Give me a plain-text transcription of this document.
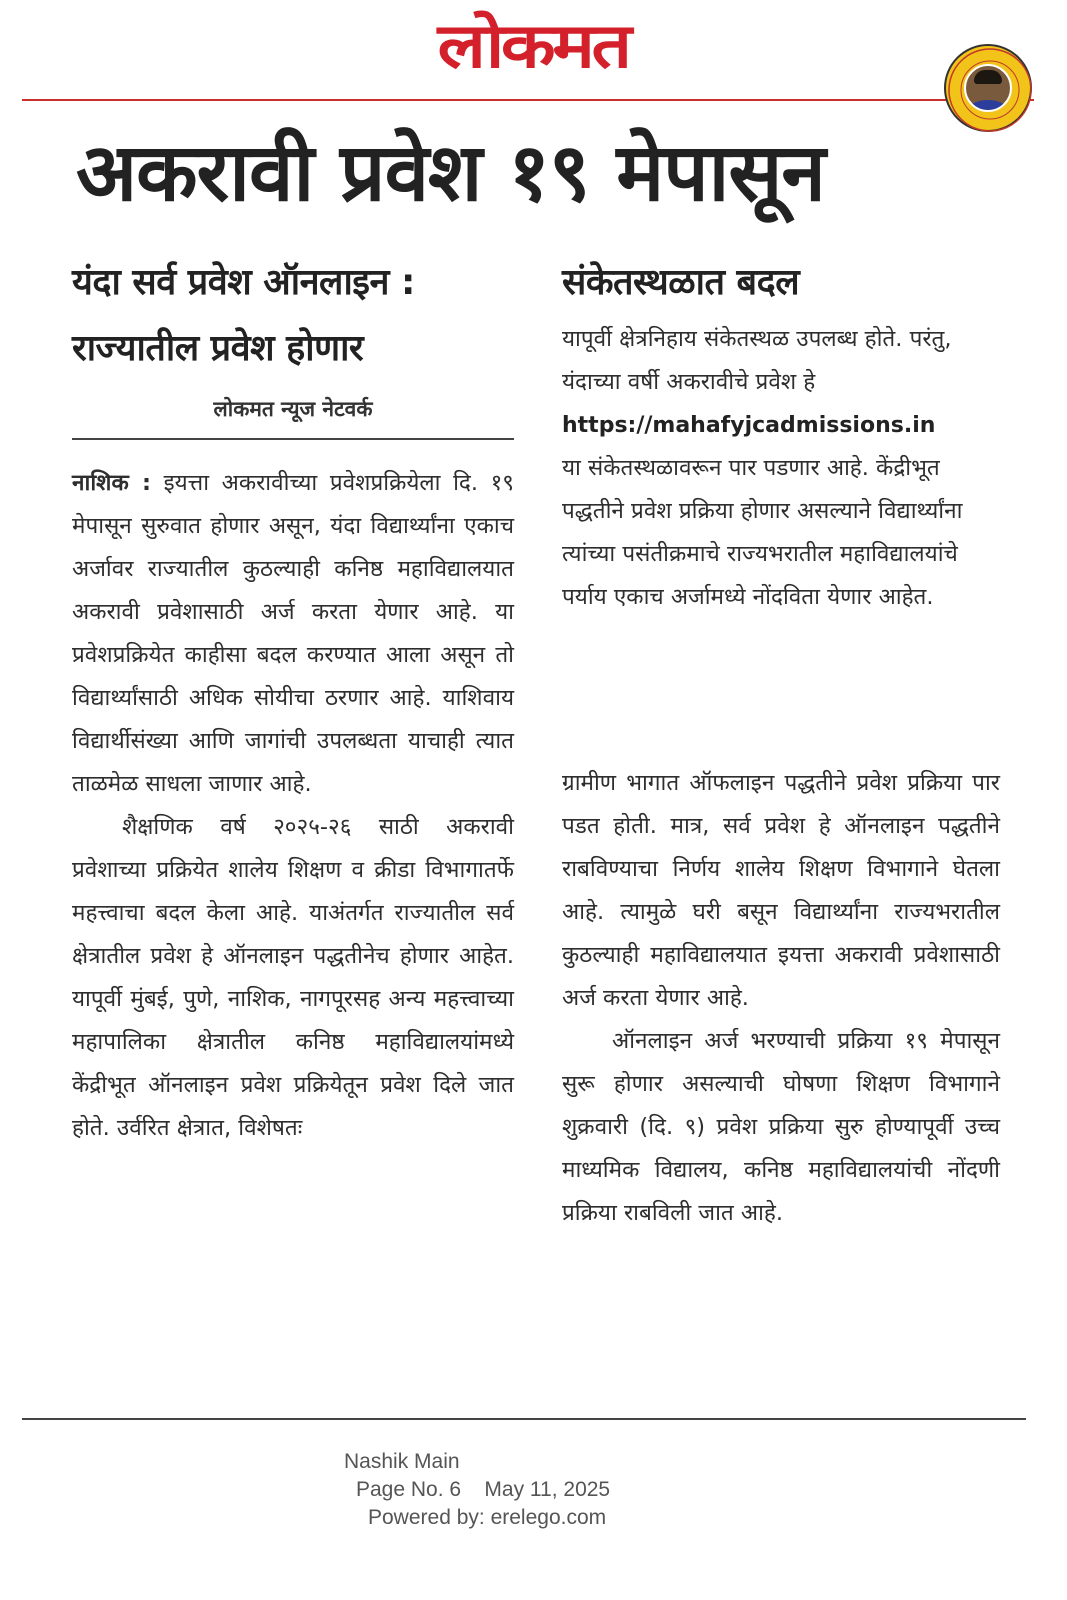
लोकमत
अकरावी प्रवेश १९ मेपासून
यंदा सर्व प्रवेश ऑनलाइन :
राज्यातील प्रवेश होणार
लोकमत न्यूज नेटवर्क

नाशिक : इयत्ता अकरावीच्या प्रवेशप्रक्रियेला दि. १९ मेपासून सुरुवात होणार असून, यंदा विद्यार्थ्यांना एकाच अर्जावर राज्यातील कुठल्याही कनिष्ठ महाविद्यालयात अकरावी प्रवेशासाठी अर्ज करता येणार आहे. या प्रवेशप्रक्रियेत काहीसा बदल करण्यात आला असून तो विद्यार्थ्यांसाठी अधिक सोयीचा ठरणार आहे. याशिवाय विद्यार्थीसंख्या आणि जागांची उपलब्धता याचाही त्यात ताळमेळ साधला जाणार आहे.

शैक्षणिक वर्ष २०२५-२६ साठी अकरावी प्रवेशाच्या प्रक्रियेत शालेय शिक्षण व क्रीडा विभागातर्फे महत्त्वाचा बदल केला आहे. याअंतर्गत राज्यातील सर्व क्षेत्रातील प्रवेश हे ऑनलाइन पद्धतीनेच होणार आहेत. यापूर्वी मुंबई, पुणे, नाशिक, नागपूरसह अन्य महत्त्वाच्या महापालिका क्षेत्रातील कनिष्ठ महाविद्यालयांमध्ये केंद्रीभूत ऑनलाइन प्रवेश प्रक्रियेतून प्रवेश दिले जात होते. उर्वरित क्षेत्रात, विशेषतः

संकेतस्थळात बदल

यापूर्वी क्षेत्रनिहाय संकेतस्थळ उपलब्ध होते. परंतु, यंदाच्या वर्षी अकरावीचे प्रवेश हे
https://mahafyjcadmissions.in
या संकेतस्थळावरून पार पडणार आहे. केंद्रीभूत पद्धतीने प्रवेश प्रक्रिया होणार असल्याने विद्यार्थ्यांना त्यांच्या पसंतीक्रमाचे राज्यभरातील महाविद्यालयांचे पर्याय एकाच अर्जामध्ये नोंदविता येणार आहेत.

ग्रामीण भागात ऑफलाइन पद्धतीने प्रवेश प्रक्रिया पार पडत होती. मात्र, सर्व प्रवेश हे ऑनलाइन पद्धतीने राबविण्याचा निर्णय शालेय शिक्षण विभागाने घेतला आहे. त्यामुळे घरी बसून विद्यार्थ्यांना राज्यभरातील कुठल्याही महाविद्यालयात इयत्ता अकरावी प्रवेशासाठी अर्ज करता येणार आहे.

ऑनलाइन अर्ज भरण्याची प्रक्रिया १९ मेपासून सुरू होणार असल्याची घोषणा शिक्षण विभागाने शुक्रवारी (दि. ९) प्रवेश प्रक्रिया सुरु होण्यापूर्वी उच्च माध्यमिक विद्यालय, कनिष्ठ महाविद्यालयांची नोंदणी प्रक्रिया राबविली जात आहे.

Nashik Main
Page No. 6    May 11, 2025
Powered by: erelego.com
